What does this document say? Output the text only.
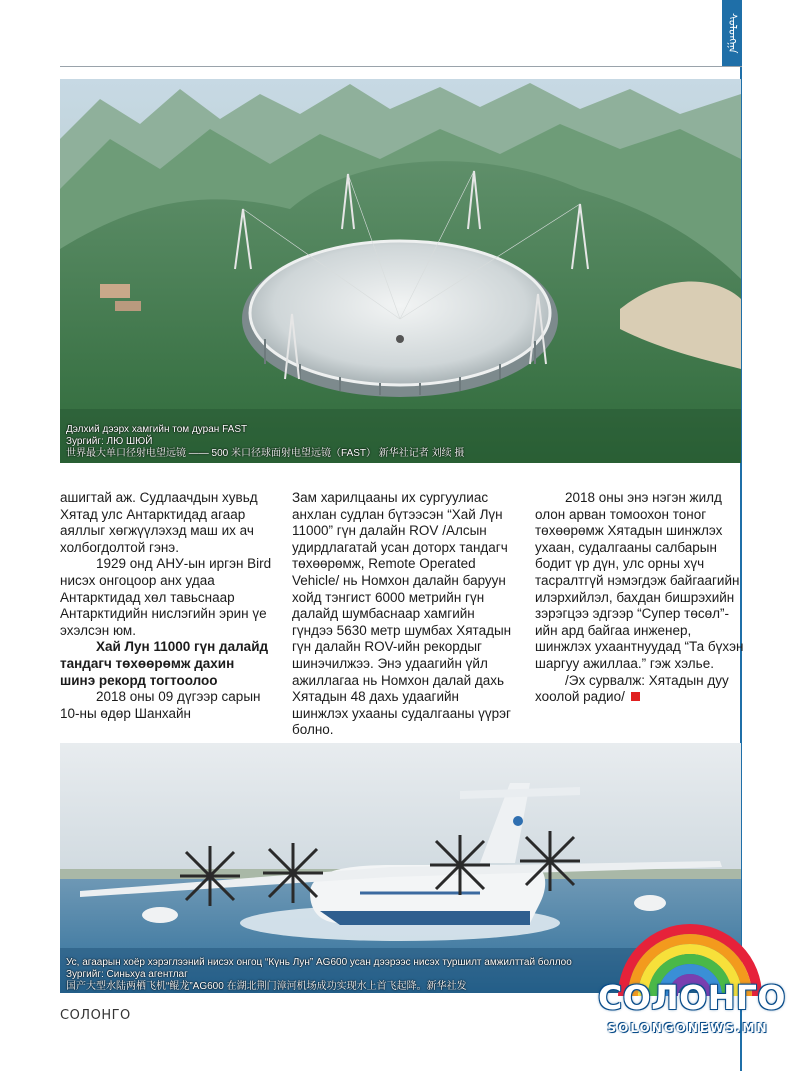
ᠰᠣᠯᠣᠩᠭ᠋ᠠ
Дэлхий дээрх хамгийн том дуран FAST
Зургийг: ЛЮ ШЮЙ
世界最大单口径射电望远镜 —— 500 米口径球面射电望远镜（FAST） 新华社记者 刘续 摄

ашигтай аж. Судлаачдын хувьд Хятад улс Антарктидад агаар аяллыг хөгжүүлэхэд маш их ач холбогдолтой гэнэ.

1929 онд АНУ-ын иргэн Bird нисэх онгоцоор анх удаа Антарктидад хөл тавьснаар Антарктидийн нислэгийн эрин үе эхэлсэн юм.

Хай Лун 11000 гүн далайд тандагч төхөөрөмж дахин шинэ рекорд тогтоолоо

2018 оны 09 дүгээр сарын 10-ны өдөр Шанхайн

Зам харилцааны их сургуулиас анхлан судлан бүтээсэн “Хай Лүн 11000” гүн далайн ROV /Алсын удирдлагатай усан доторх тандагч төхөөрөмж, Remote Operated Vehicle/ нь Номхон далайн баруун хойд тэнгист 6000 метрийн гүн далайд шумбаснаар хамгийн гүндээ 5630 метр шумбах Хятадын гүн далайн ROV-ийн рекордыг шинэчилжээ. Энэ удаагийн үйл ажиллагаа нь Номхон далай дахь Хятадын 48 дахь удаагийн шинжлэх ухааны судалгааны үүрэг болно.

2018 оны энэ нэгэн жилд олон арван томоохон тоног төхөөрөмж Хятадын шинжлэх ухаан, судалгааны салбарын бодит үр дүн, улс орны хүч тасралтгүй нэмэгдэж байгаагийн илэрхийлэл, бахдан бишрэхийн зэрэгцээ эдгээр “Супер төсөл”-ийн ард байгаа инженер, шинжлэх ухаантнуудад “Та бүхэн шаргуу ажиллаа.” гэж хэлье.

/Эх сурвалж: Хятадын дуу хоолой радио/

Ус, агаарын хоёр хэрэглээний нисэх онгоц “Күнь Лун” AG600 усан дээрээс нисэх туршилт амжилттай боллоо
Зургийг: Синьхуа агентлаг
国产大型水陆两栖飞机“鲲龙”AG600 在湖北荆门漳河机场成功实现水上首飞起降。新华社发
СОЛОНГО	СОЛОНГО
SOLONGONEWS.MN
